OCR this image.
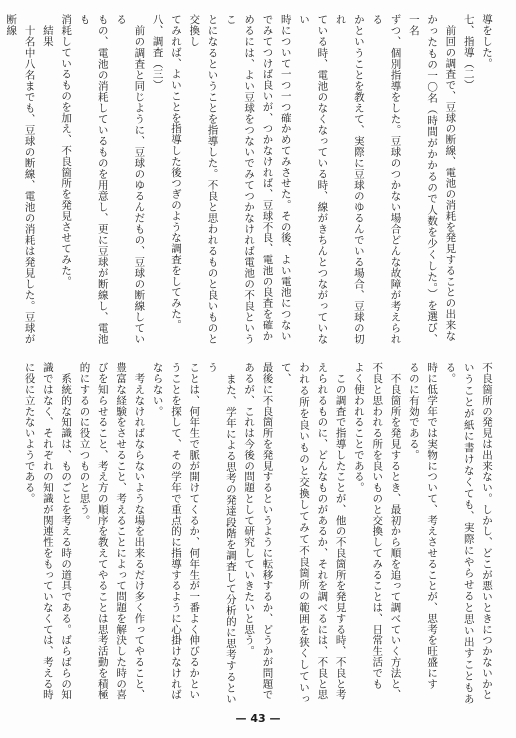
導をした。

七、指導（二）

　前回の調査で、豆球の断線、電池の消耗を発見することの出来な

かったもの一〇名（時間がかかるので人数を少くした。）を選び、一名

ずつ、個別指導をした。豆球のつかない場合どんな故障が考えられる

かということを教えて、実際に豆球のゆるんでいる場合、豆球の切れ

ている時、電池のなくなっている時、線がきちんとつながっていない

時について一つ一つ確かめてみさせた。その後、よい電池につない

でみてつけば良いが、つかなければ、豆球不良、電池の良査を確か

めるには、よい豆球をつないでみてつかなければ電池の不良というこ

とになるということを指導した。不良と思われるものと良いものと交換し

てみれば、よいことを指導した後つぎのような調査をしてみた。

八、調査（三）

　前の調査と同じように、豆球のゆるんだもの、豆球の断線している

もの、電池の消耗しているものを用意し、更に豆球が断線し、電池も

消耗しているものを加え、不良箇所を発見させてみた。

　結果

　十名中八名までも、豆球の断線、電池の消耗は発見した。豆球が断線

不良箇所の発見は出来ない。しかし、どこが悪いときにつかないかと

いうことが紙に書けなくても、実際にやらせると思い出すこともある。

時に低学年では実物について、考えさせることが、思考を旺盛にす

るのに有効である。

　不良箇所を発見するとき、最初から順を追って調べていく方法と、

不良と思われる所を良いものと交換してみることは、日常生活でも

よく使われることである。

　この調査で指導したことが、他の不良箇所を発見する時、不良と考

えられるものに、どんなものがあるか、それを調べるには、不良と思

われる所を良いものと交換してみて不良箇所の範囲を狭くしていって、

最後に不良箇所を発見するというように転移するか、どうかが問題で

あるが、これは今後の問題として研究していきたいと思う。

　また、学年による思考の発達段階を調査して分析的に思考するという

ことは、何年生で脈が開けてくるか、何年生が一番よく伸びるかとい

うことを探して、その学年で重点的に指導するように心掛けなければ

ならない。

　考えなければならないような場を出来るだけ多く作ってやること、

豊富な経験をさせること、考えることによって問題を解決した時の喜

びを知らせること、考え方の順序を教えてやることは思考活動を積極

的にするのに役立つものと思う。

　系統的な知識は、ものごとを考える時の道具である。ばらばらの知

識ではなく、それぞれの知識が関連性をもっていなくては、考える時

に役に立たないようである。

— 43 —
